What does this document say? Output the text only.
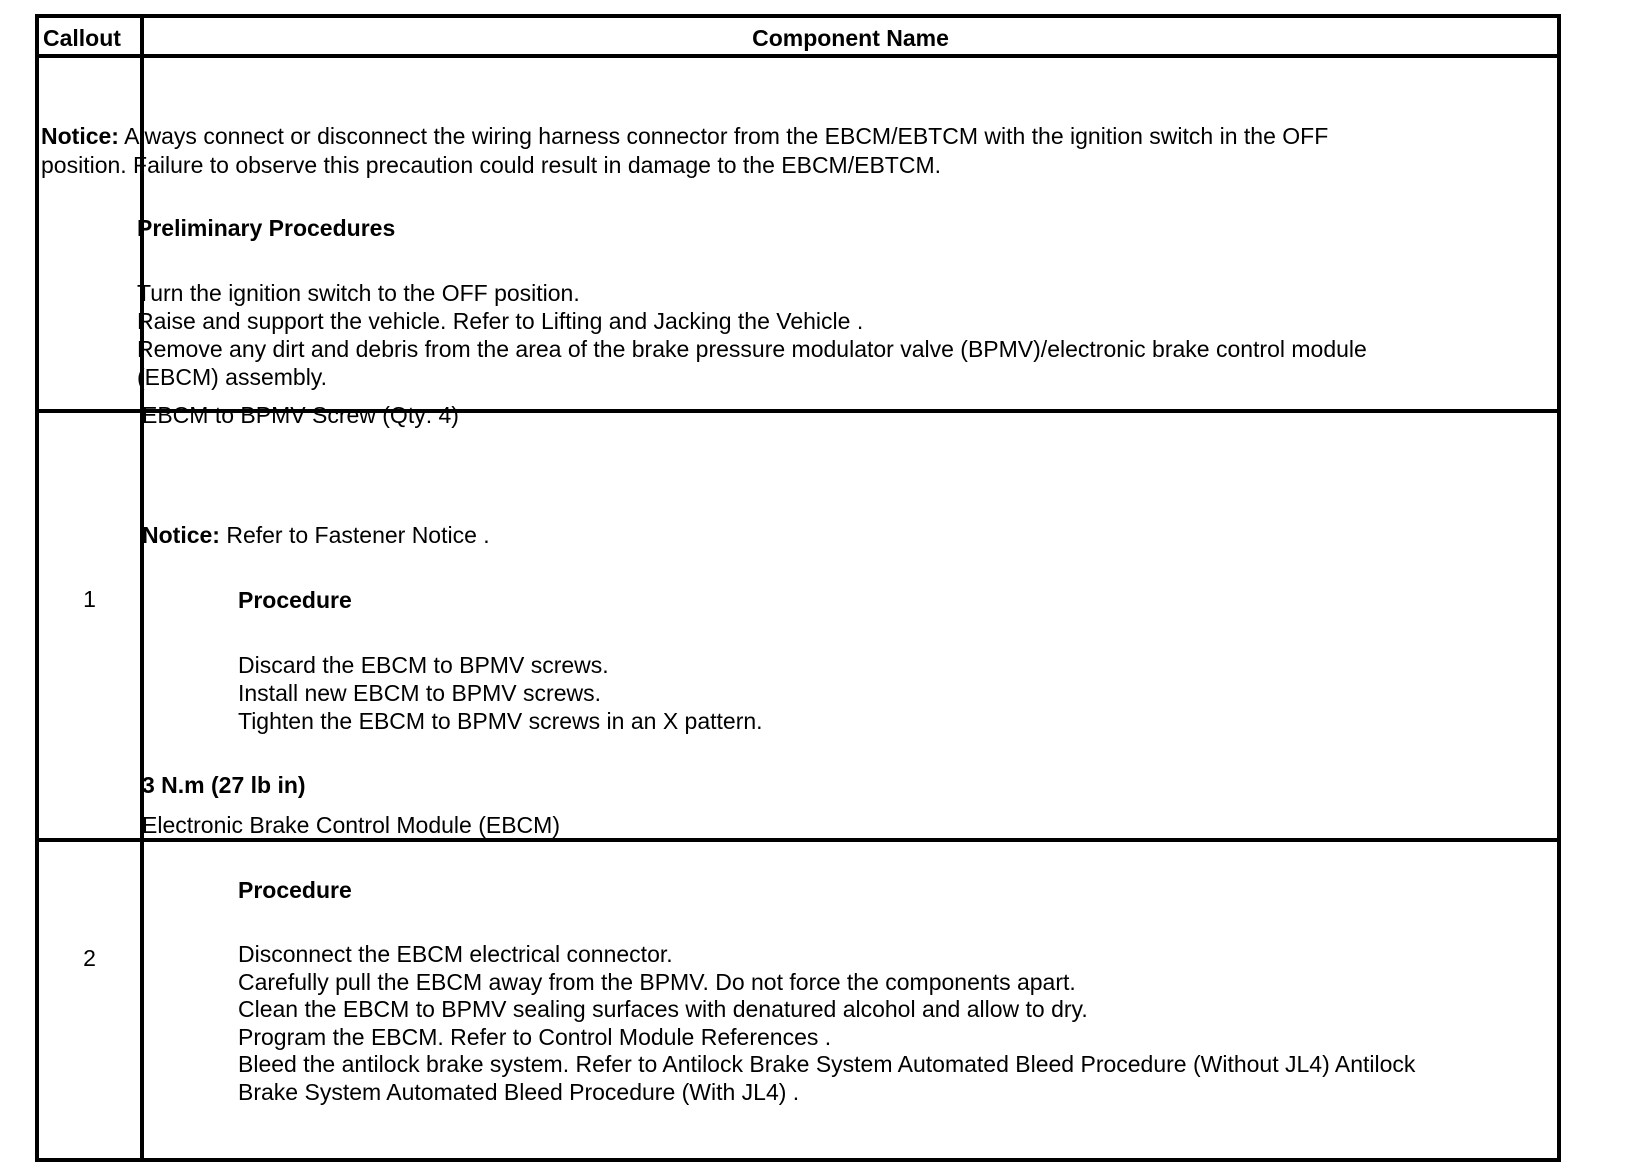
Callout	Component Name

Notice: Always connect or disconnect the wiring harness connector from the EBCM/EBTCM with the ignition switch in the OFF

position. Failure to observe this precaution could result in damage to the EBCM/EBTCM.

Preliminary Procedures

Turn the ignition switch to the OFF position.

Raise and support the vehicle. Refer to Lifting and Jacking the Vehicle .

Remove any dirt and debris from the area of the brake pressure modulator valve (BPMV)/electronic brake control module

(EBCM) assembly.

1
EBCM to BPMV Screw (Qty: 4)
Notice: Refer to Fastener Notice .
Procedure

Discard the EBCM to BPMV screws.

Install new EBCM to BPMV screws.

Tighten the EBCM to BPMV screws in an X pattern.

3 N.m (27 lb in)
2
Electronic Brake Control Module (EBCM)
Procedure

Disconnect the EBCM electrical connector.

Carefully pull the EBCM away from the BPMV. Do not force the components apart.

Clean the EBCM to BPMV sealing surfaces with denatured alcohol and allow to dry.

Program the EBCM. Refer to Control Module References .

Bleed the antilock brake system. Refer to Antilock Brake System Automated Bleed Procedure (Without JL4) Antilock

Brake System Automated Bleed Procedure (With JL4) .
